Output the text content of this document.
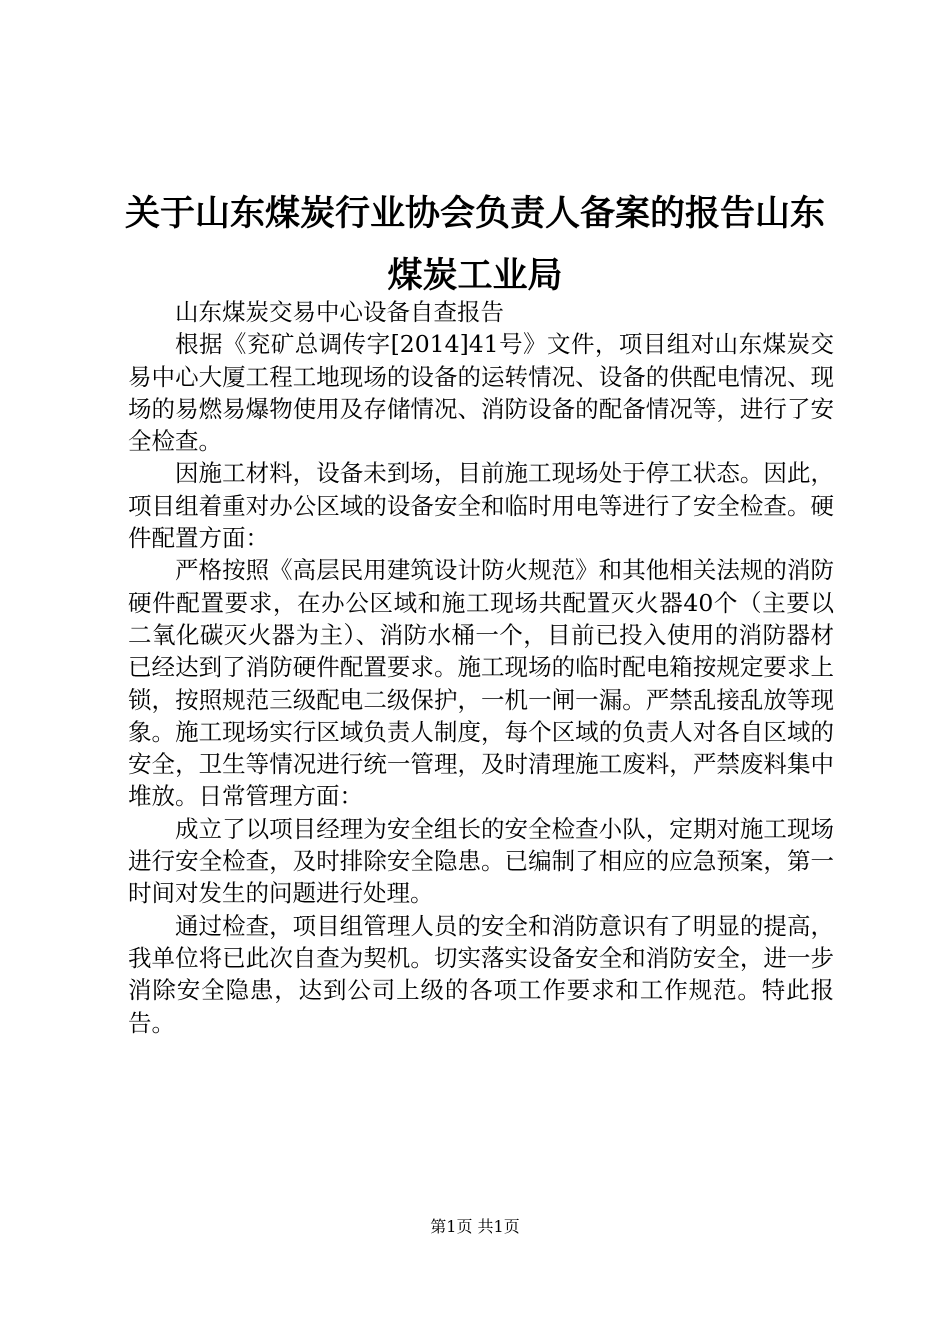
关于山东煤炭行业协会负责人备案的报告山东煤炭工业局

山东煤炭交易中心设备自查报告

根据《兖矿总调传字[2014]41号》文件，项目组对山东煤炭交易中心大厦工程工地现场的设备的运转情况、设备的供配电情况、现场的易燃易爆物使用及存储情况、消防设备的配备情况等，进行了安全检查。

因施工材料，设备未到场，目前施工现场处于停工状态。因此，项目组着重对办公区域的设备安全和临时用电等进行了安全检查。硬件配置方面：

严格按照《高层民用建筑设计防火规范》和其他相关法规的消防硬件配置要求，在办公区域和施工现场共配置灭火器40个（主要以二氧化碳灭火器为主）、消防水桶一个，目前已投入使用的消防器材已经达到了消防硬件配置要求。施工现场的临时配电箱按规定要求上锁，按照规范三级配电二级保护，一机一闸一漏。严禁乱接乱放等现象。施工现场实行区域负责人制度，每个区域的负责人对各自区域的安全，卫生等情况进行统一管理，及时清理施工废料，严禁废料集中堆放。日常管理方面：

成立了以项目经理为安全组长的安全检查小队，定期对施工现场进行安全检查，及时排除安全隐患。已编制了相应的应急预案，第一时间对发生的问题进行处理。

通过检查，项目组管理人员的安全和消防意识有了明显的提高，我单位将已此次自查为契机。切实落实设备安全和消防安全，进一步消除安全隐患，达到公司上级的各项工作要求和工作规范。特此报告。

第1页 共1页
